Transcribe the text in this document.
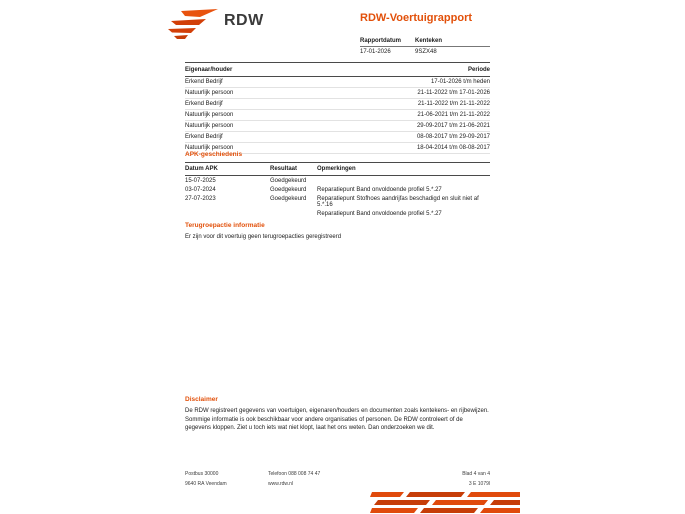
RDW	RDW-Voertuigrapport
Rapportdatum	Kenteken
17-01-2026	9SZX48
Eigenaar/houder	Periode
Erkend Bedrijf	17-01-2026 t/m heden
Natuurlijk persoon	21-11-2022 t/m 17-01-2026
Erkend Bedrijf	21-11-2022 t/m 21-11-2022
Natuurlijk persoon	21-06-2021 t/m 21-11-2022
Natuurlijk persoon	29-09-2017 t/m 21-06-2021
Erkend Bedrijf	08-08-2017 t/m 29-09-2017
Natuurlijk persoon	18-04-2014 t/m 08-08-2017
APK-geschiedenis
Datum APK	Resultaat	Opmerkingen
15-07-2025	Goedgekeurd
03-07-2024	Goedgekeurd	Reparatiepunt Band onvoldoende profiel 5.*.27
27-07-2023	Goedgekeurd	Reparatiepunt Stofhoes aandrijfas beschadigd en sluit niet af 5.*.16
Reparatiepunt Band onvoldoende profiel 5.*.27
Terugroepactie informatie
Er zijn voor dit voertuig geen terugroepacties geregistreerd
Disclaimer
De RDW registreert gegevens van voertuigen, eigenaren/houders en documenten zoals kentekens- en rijbewijzen. Sommige informatie is ook beschikbaar voor andere organisaties of personen. De RDW controleert of de gegevens kloppen. Ziet u toch iets wat niet klopt, laat het ons weten. Dan onderzoeken we dit.
Postbus 30000
9640 RA Veendam
Telefoon 088 008 74 47
www.rdw.nl
Blad 4 van 4
3 E 1079l
